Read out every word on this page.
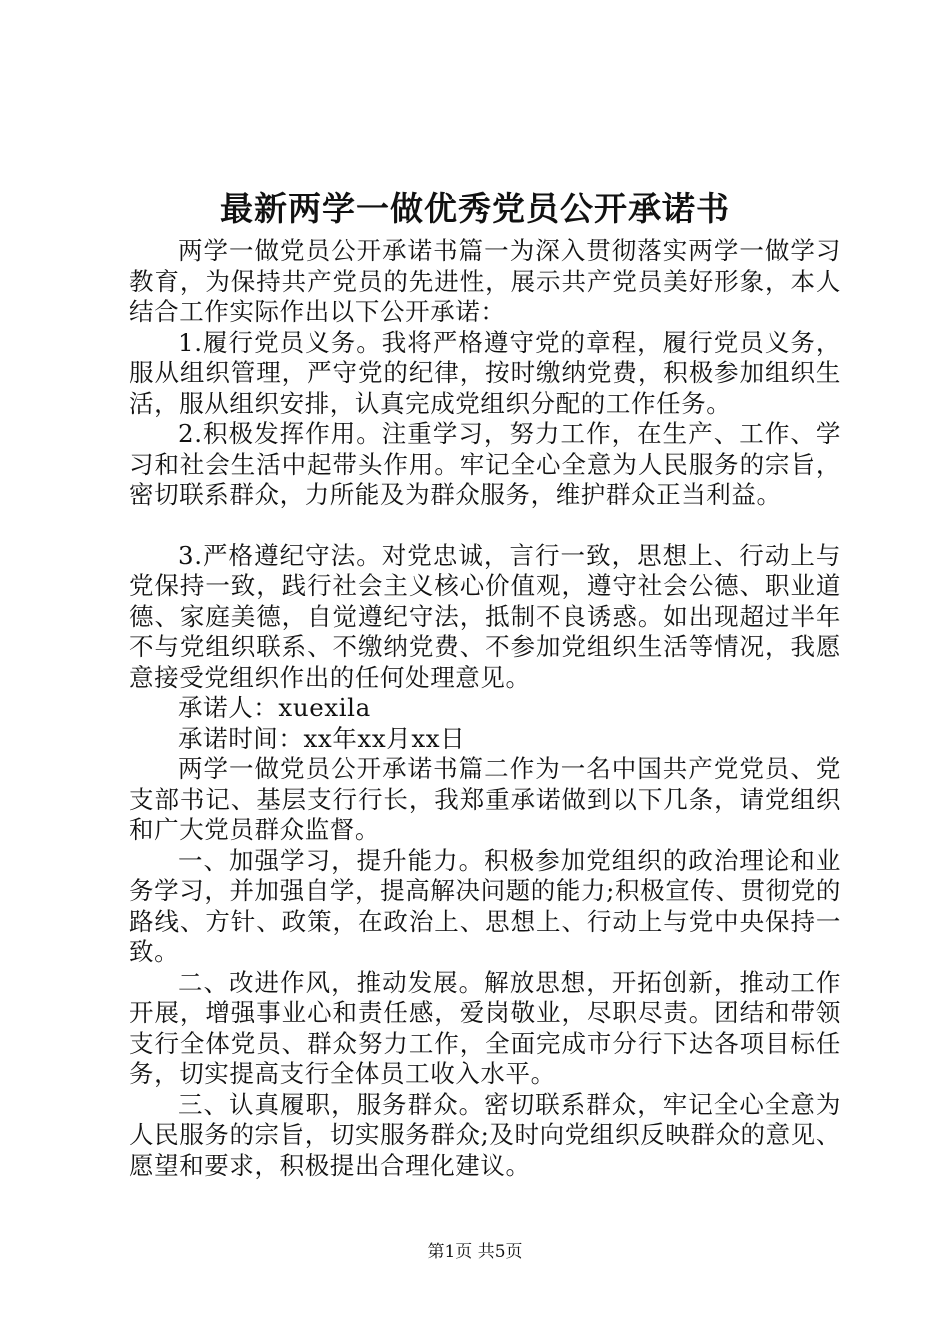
最新两学一做优秀党员公开承诺书

两学一做党员公开承诺书篇一为深入贯彻落实两学一做学习教育，为保持共产党员的先进性，展示共产党员美好形象，本人结合工作实际作出以下公开承诺：

1.履行党员义务。我将严格遵守党的章程，履行党员义务，服从组织管理，严守党的纪律，按时缴纳党费，积极参加组织生活，服从组织安排，认真完成党组织分配的工作任务。

2.积极发挥作用。注重学习，努力工作，在生产、工作、学习和社会生活中起带头作用。牢记全心全意为人民服务的宗旨，密切联系群众，力所能及为群众服务，维护群众正当利益。

3.严格遵纪守法。对党忠诚，言行一致，思想上、行动上与党保持一致，践行社会主义核心价值观，遵守社会公德、职业道德、家庭美德，自觉遵纪守法，抵制不良诱惑。如出现超过半年不与党组织联系、不缴纳党费、不参加党组织生活等情况，我愿意接受党组织作出的任何处理意见。

承诺人：xuexila

承诺时间：xx年xx月xx日

两学一做党员公开承诺书篇二作为一名中国共产党党员、党支部书记、基层支行行长，我郑重承诺做到以下几条，请党组织和广大党员群众监督。

一、加强学习，提升能力。积极参加党组织的政治理论和业务学习，并加强自学，提高解决问题的能力;积极宣传、贯彻党的路线、方针、政策，在政治上、思想上、行动上与党中央保持一致。

二、改进作风，推动发展。解放思想，开拓创新，推动工作开展，增强事业心和责任感，爱岗敬业，尽职尽责。团结和带领支行全体党员、群众努力工作，全面完成市分行下达各项目标任务，切实提高支行全体员工收入水平。

三、认真履职，服务群众。密切联系群众，牢记全心全意为人民服务的宗旨，切实服务群众;及时向党组织反映群众的意见、愿望和要求，积极提出合理化建议。

第1页 共5页
